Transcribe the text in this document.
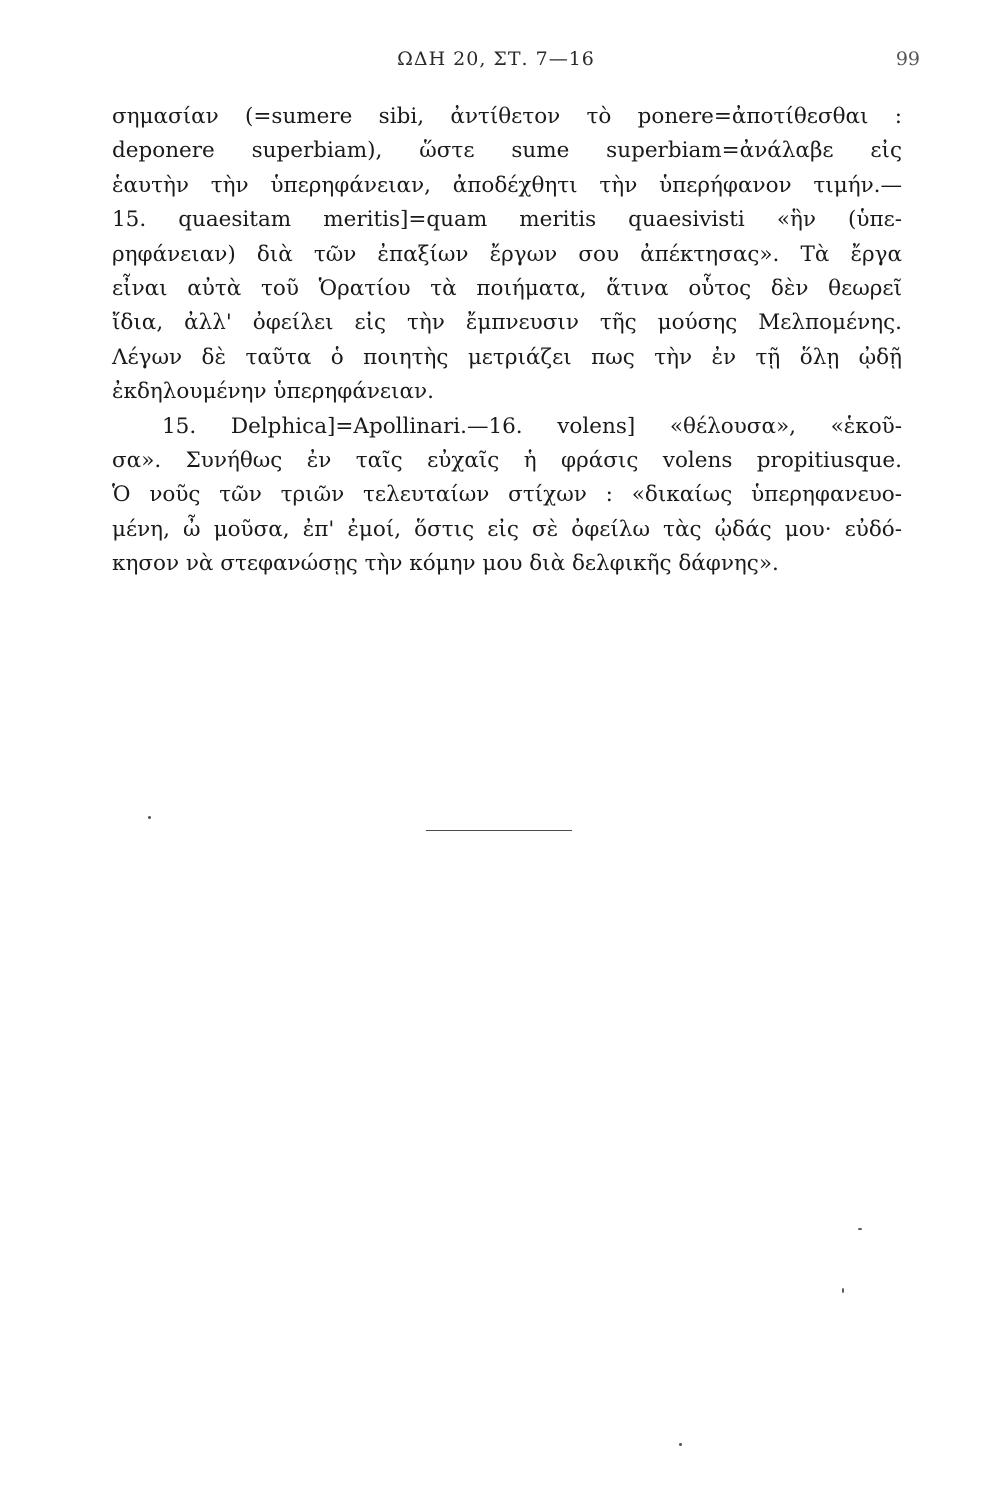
ΩΔΗ 20, ΣΤ. 7—16	99
σημασίαν (=sumere sibi, ἀντίθετον τὸ ponere=ἀποτίθεσθαι :
deponere superbiam), ὥστε sume superbiam=ἀνάλαβε εἰς
ἑαυτὴν τὴν ὑπερηφάνειαν, ἀποδέχθητι τὴν ὑπερήφανον τιμήν.—
15. quaesitam meritis]=quam meritis quaesivisti «ἣν (ὑπε-
ρηφάνειαν) διὰ τῶν ἐπαξίων ἔργων σου ἀπέκτησας». Τὰ ἔργα
εἶναι αὐτὰ τοῦ Ὁρατίου τὰ ποιήματα, ἅτινα οὗτος δὲν θεωρεῖ
ἴδια, ἀλλ' ὀφείλει εἰς τὴν ἔμπνευσιν τῆς μούσης Μελπομένης.
Λέγων δὲ ταῦτα ὁ ποιητὴς μετριάζει πως τὴν ἐν τῇ ὅλῃ ᾠδῇ
ἐκδηλουμένην ὑπερηφάνειαν.
15. Delphica]=Apollinari.—16. volens] «θέλουσα», «ἑκοῦ-
σα». Συνήθως ἐν ταῖς εὐχαῖς ἡ φράσις volens propitiusque.
Ὁ νοῦς τῶν τριῶν τελευταίων στίχων : «δικαίως ὑπερηφανευο-
μένη, ὦ μοῦσα, ἐπ' ἐμοί, ὅστις εἰς σὲ ὀφείλω τὰς ᾠδάς μου· εὐδό-
κησον νὰ στεφανώσῃς τὴν κόμην μου διὰ δελφικῆς δάφνης».
